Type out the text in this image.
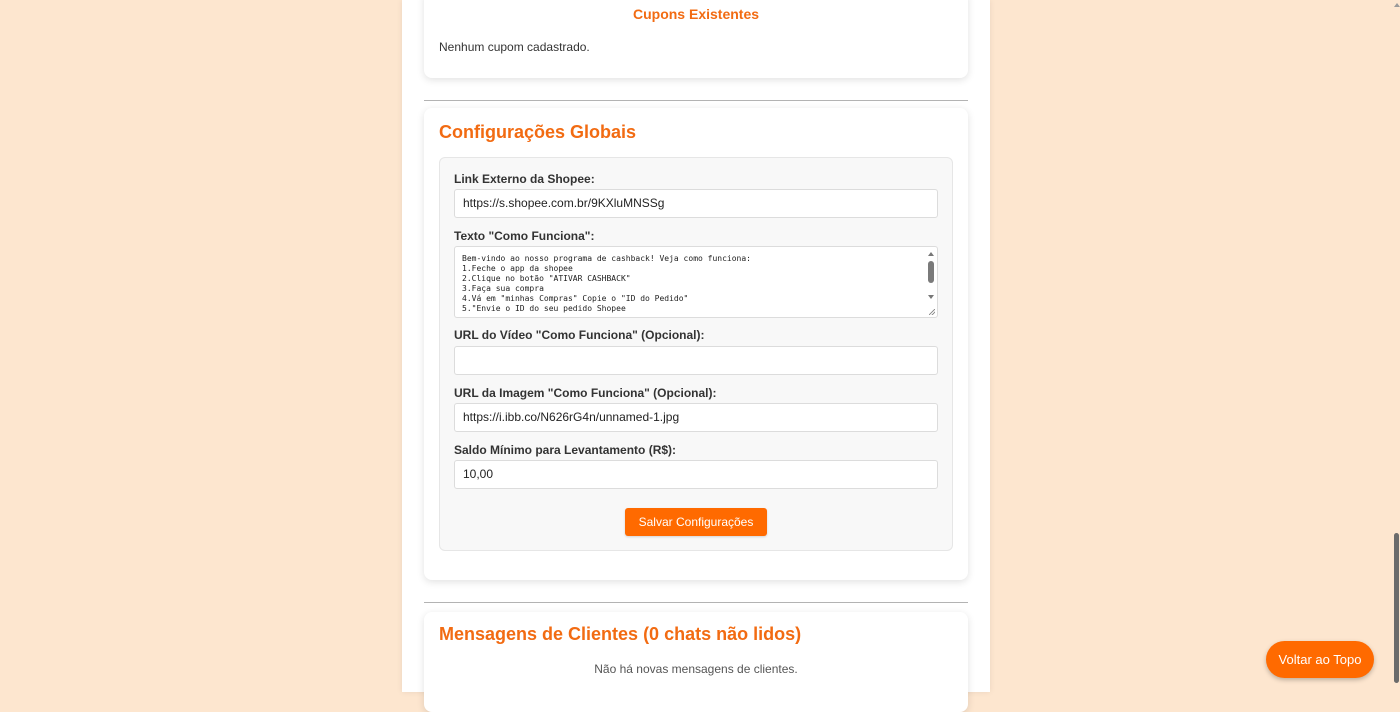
Cupons Existentes
Nenhum cupom cadastrado.
Configurações Globais
Link Externo da Shopee:
https://s.shopee.com.br/9KXluMNSSg
Texto "Como Funciona":
Bem-vindo ao nosso programa de cashback! Veja como funciona:
1.Feche o app da shopee
2.Clique no botão "ATIVAR CASHBACK"
3.Faça sua compra
4.Vá em "minhas Compras" Copie o "ID do Pedido"
5."Envie o ID do seu pedido Shopee
URL do Vídeo "Como Funciona" (Opcional):
URL da Imagem "Como Funciona" (Opcional):
https://i.ibb.co/N626rG4n/unnamed-1.jpg
Saldo Mínimo para Levantamento (R$):
10,00
Salvar Configurações
Mensagens de Clientes (0 chats não lidos)
Não há novas mensagens de clientes.
Voltar ao Topo
